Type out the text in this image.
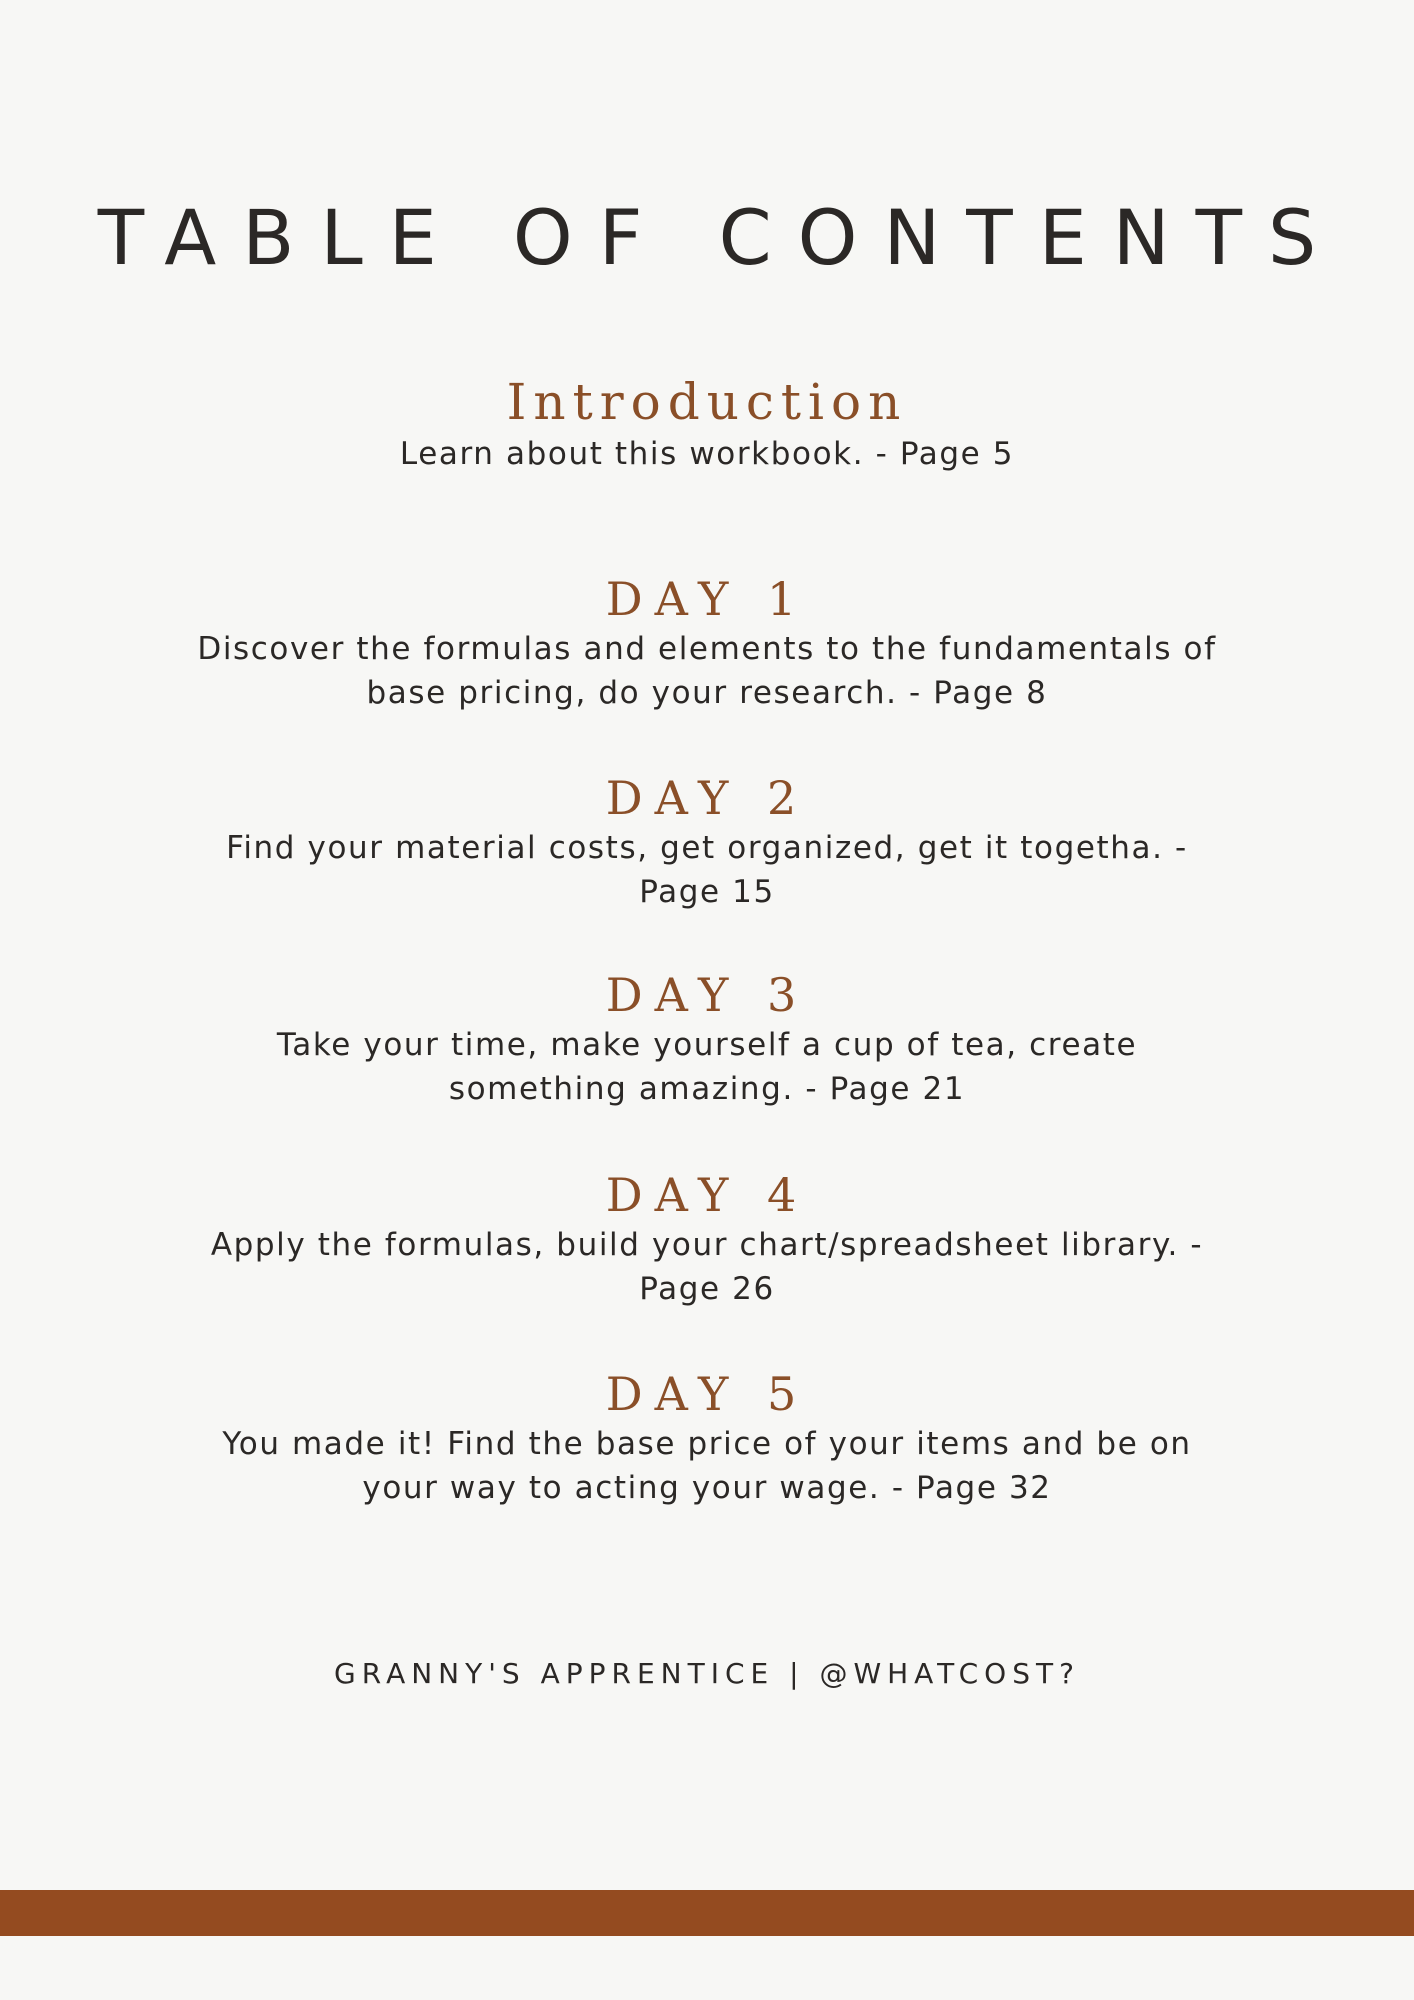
TABLE OF CONTENTS
Introduction
Learn about this workbook. - Page 5
DAY 1
Discover the formulas and elements to the fundamentals of base pricing, do your research. - Page 8
DAY 2
Find your material costs, get organized, get it togetha. - Page 15
DAY 3
Take your time, make yourself a cup of tea, create something amazing. - Page 21
DAY 4
Apply the formulas, build your chart/spreadsheet library. - Page 26
DAY 5
You made it! Find the base price of your items and be on your way to acting your wage. - Page 32
GRANNY'S APPRENTICE | @WHATCOST?
